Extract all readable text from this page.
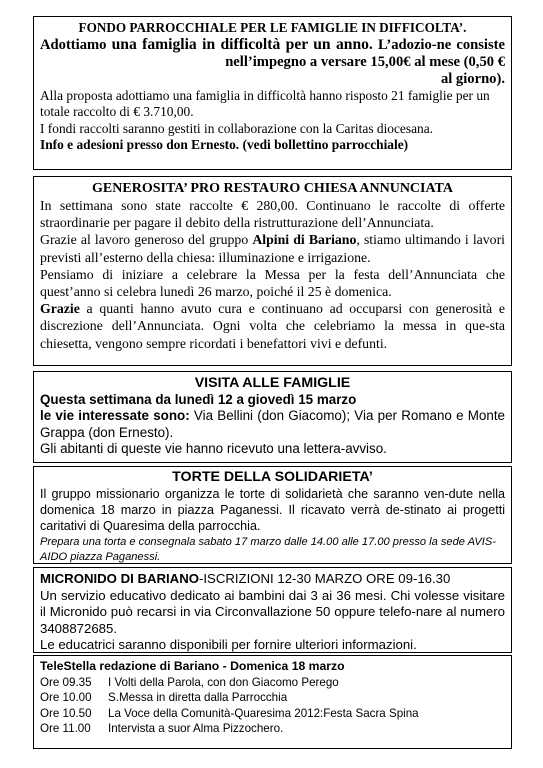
FONDO PARROCCHIALE PER LE FAMIGLIE IN DIFFICOLTA’.

Adottiamo una famiglia in difficoltà per un anno. L’adozio-ne consiste nell’impegno a versare 15,00€ al mese (0,50 €

al giorno).

Alla proposta adottiamo una famiglia in difficoltà hanno risposto 21 famiglie per un totale raccolto di € 3.710,00.

I fondi raccolti saranno gestiti in collaborazione con la Caritas diocesana.

Info e adesioni presso don Ernesto. (vedi bollettino parrocchiale)

GENEROSITA’ PRO RESTAURO CHIESA ANNUNCIATA

In settimana sono state raccolte € 280,00. Continuano le raccolte di offerte straordinarie per pagare il debito della ristrutturazione dell’Annunciata.

Grazie al lavoro generoso del gruppo Alpini di Bariano, stiamo ultimando i lavori previsti all’esterno della chiesa: illuminazione e irrigazione.

Pensiamo di iniziare a celebrare la Messa per la festa dell’Annunciata che quest’anno si celebra lunedì 26 marzo, poiché il 25 è domenica.

Grazie a quanti hanno avuto cura e continuano ad occuparsi con generosità e discrezione dell’Annunciata. Ogni volta che celebriamo la messa in que-sta chiesetta, vengono sempre ricordati i benefattori vivi e defunti.

VISITA ALLE FAMIGLIE

Questa settimana da lunedì 12 a giovedì 15 marzo

le vie interessate sono: Via Bellini (don Giacomo); Via per Romano e Monte Grappa (don Ernesto).

Gli abitanti di queste vie hanno ricevuto una lettera-avviso.

TORTE DELLA SOLIDARIETA’

Il gruppo missionario organizza le torte di solidarietà che saranno ven-dute nella domenica 18 marzo in piazza Paganessi. Il ricavato verrà de-stinato ai progetti caritativi di Quaresima della parrocchia.

Prepara una torta e consegnala sabato 17 marzo dalle 14.00 alle 17.00 presso la sede AVIS-AIDO piazza Paganessi.

MICRONIDO DI BARIANO-ISCRIZIONI 12-30 MARZO ORE 09-16.30

Un servizio educativo dedicato ai bambini dai 3 ai 36 mesi. Chi volesse visitare il Micronido può recarsi in via Circonvallazione 50 oppure telefo-nare al numero 3408872685.

Le educatrici saranno disponibili per fornire ulteriori informazioni.

TeleStella redazione di Bariano - Domenica 18 marzo

Ore 09.35	I Volti della Parola, con don Giacomo Perego
Ore 10.00	S.Messa in diretta dalla Parrocchia
Ore 10.50	La Voce della Comunità-Quaresima 2012:Festa Sacra Spina
Ore 11.00	Intervista a suor Alma Pizzochero.
